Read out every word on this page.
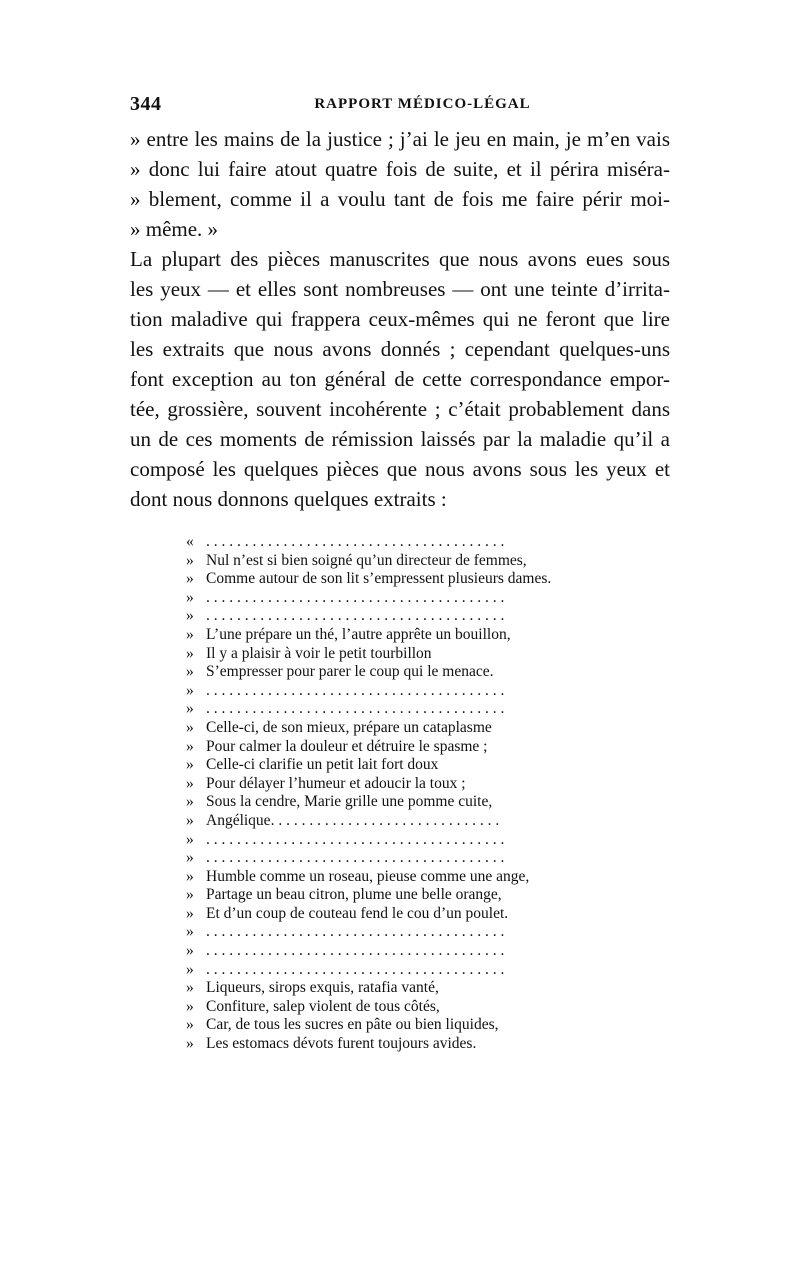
344	RAPPORT MÉDICO-LÉGAL
» entre les mains de la justice ; j’ai le jeu en main, je m’en vais
» donc lui faire atout quatre fois de suite, et il périra miséra-
» blement, comme il a voulu tant de fois me faire périr moi-
» même. »
La plupart des pièces manuscrites que nous avons eues sous
les yeux — et elles sont nombreuses — ont une teinte d’irrita-
tion maladive qui frappera ceux-mêmes qui ne feront que lire
les extraits que nous avons donnés ; cependant quelques-uns
font exception au ton général de cette correspondance empor-
tée, grossière, souvent incohérente ; c’était probablement dans
un de ces moments de rémission laissés par la maladie qu’il a
composé les quelques pièces que nous avons sous les yeux et
dont nous donnons quelques extraits :
« . . . . . . . . . . . . . . . . . . . . . . . . . . . . . . . . . . . . . . .
» Nul n’est si bien soigné qu’un directeur de femmes,
» Comme autour de son lit s’empressent plusieurs dames.
» . . . . . . . . . . . . . . . . . . . . . . . . . . . . . . . . . . . . . . .
» . . . . . . . . . . . . . . . . . . . . . . . . . . . . . . . . . . . . . . .
» L’une prépare un thé, l’autre apprête un bouillon,
» Il y a plaisir à voir le petit tourbillon
» S’empresser pour parer le coup qui le menace.
» . . . . . . . . . . . . . . . . . . . . . . . . . . . . . . . . . . . . . . .
» . . . . . . . . . . . . . . . . . . . . . . . . . . . . . . . . . . . . . . .
» Celle-ci, de son mieux, prépare un cataplasme
» Pour calmer la douleur et détruire le spasme ;
» Celle-ci clarifie un petit lait fort doux
» Pour délayer l’humeur et adoucir la toux ;
» Sous la cendre, Marie grille une pomme cuite,
» Angélique. . . . . . . . . . . . . . . . . . . . . . . . . . . . . .
» . . . . . . . . . . . . . . . . . . . . . . . . . . . . . . . . . . . . . . .
» . . . . . . . . . . . . . . . . . . . . . . . . . . . . . . . . . . . . . . .
» Humble comme un roseau, pieuse comme une ange,
» Partage un beau citron, plume une belle orange,
» Et d’un coup de couteau fend le cou d’un poulet.
» . . . . . . . . . . . . . . . . . . . . . . . . . . . . . . . . . . . . . . .
» . . . . . . . . . . . . . . . . . . . . . . . . . . . . . . . . . . . . . . .
» . . . . . . . . . . . . . . . . . . . . . . . . . . . . . . . . . . . . . . .
» Liqueurs, sirops exquis, ratafia vanté,
» Confiture, salep violent de tous côtés,
» Car, de tous les sucres en pâte ou bien liquides,
» Les estomacs dévots furent toujours avides.
